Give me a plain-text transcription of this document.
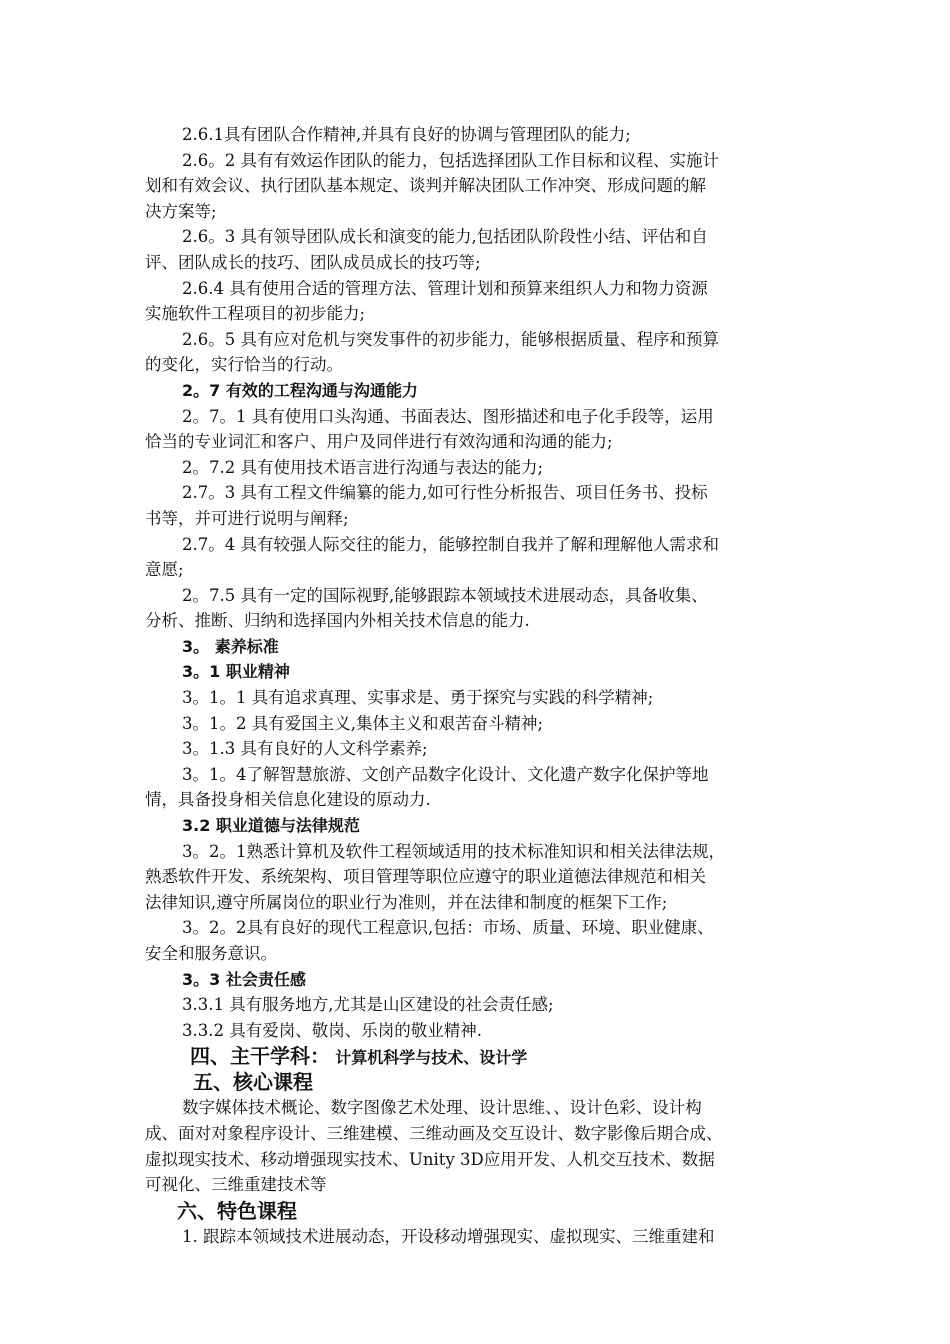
2.6.1具有团队合作精神,并具有良好的协调与管理团队的能力;
2.6。2 具有有效运作团队的能力，包括选择团队工作目标和议程、实施计
划和有效会议、执行团队基本规定、谈判并解决团队工作冲突、形成问题的解
决方案等;
2.6。3 具有领导团队成长和演变的能力,包括团队阶段性小结、评估和自
评、团队成长的技巧、团队成员成长的技巧等;
2.6.4 具有使用合适的管理方法、管理计划和预算来组织人力和物力资源
实施软件工程项目的初步能力;
2.6。5 具有应对危机与突发事件的初步能力，能够根据质量、程序和预算
的变化，实行恰当的行动。
2。7 有效的工程沟通与沟通能力
2。7。1 具有使用口头沟通、书面表达、图形描述和电子化手段等，运用
恰当的专业词汇和客户、用户及同伴进行有效沟通和沟通的能力;
2。7.2 具有使用技术语言进行沟通与表达的能力;
2.7。3 具有工程文件编纂的能力,如可行性分析报告、项目任务书、投标
书等，并可进行说明与阐释;
2.7。4 具有较强人际交往的能力，能够控制自我并了解和理解他人需求和
意愿;
2。7.5 具有一定的国际视野,能够跟踪本领域技术进展动态，具备收集、
分析、推断、归纳和选择国内外相关技术信息的能力.
3。 素养标准
3。1 职业精神
3。1。1 具有追求真理、实事求是、勇于探究与实践的科学精神;
3。1。2 具有爱国主义,集体主义和艰苦奋斗精神;
3。1.3 具有良好的人文科学素养;
3。1。4了解智慧旅游、文创产品数字化设计、文化遗产数字化保护等地
情，具备投身相关信息化建设的原动力.
3.2 职业道德与法律规范
3。2。1熟悉计算机及软件工程领域适用的技术标准知识和相关法律法规，
熟悉软件开发、系统架构、项目管理等职位应遵守的职业道德法律规范和相关
法律知识,遵守所属岗位的职业行为准则，并在法律和制度的框架下工作;
3。2。2具有良好的现代工程意识,包括：市场、质量、环境、职业健康、
安全和服务意识。
3。3 社会责任感
3.3.1 具有服务地方,尤其是山区建设的社会责任感;
3.3.2 具有爱岗、敬岗、乐岗的敬业精神.
四、主干学科： 计算机科学与技术、设计学
五、核心课程
数字媒体技术概论、数字图像艺术处理、设计思维、、设计色彩、设计构
成、面对对象程序设计、三维建模、三维动画及交互设计、数字影像后期合成、
虚拟现实技术、移动增强现实技术、Unity 3D应用开发、人机交互技术、数据
可视化、三维重建技术等
六、特色课程
1. 跟踪本领域技术进展动态，开设移动增强现实、虚拟现实、三维重建和
